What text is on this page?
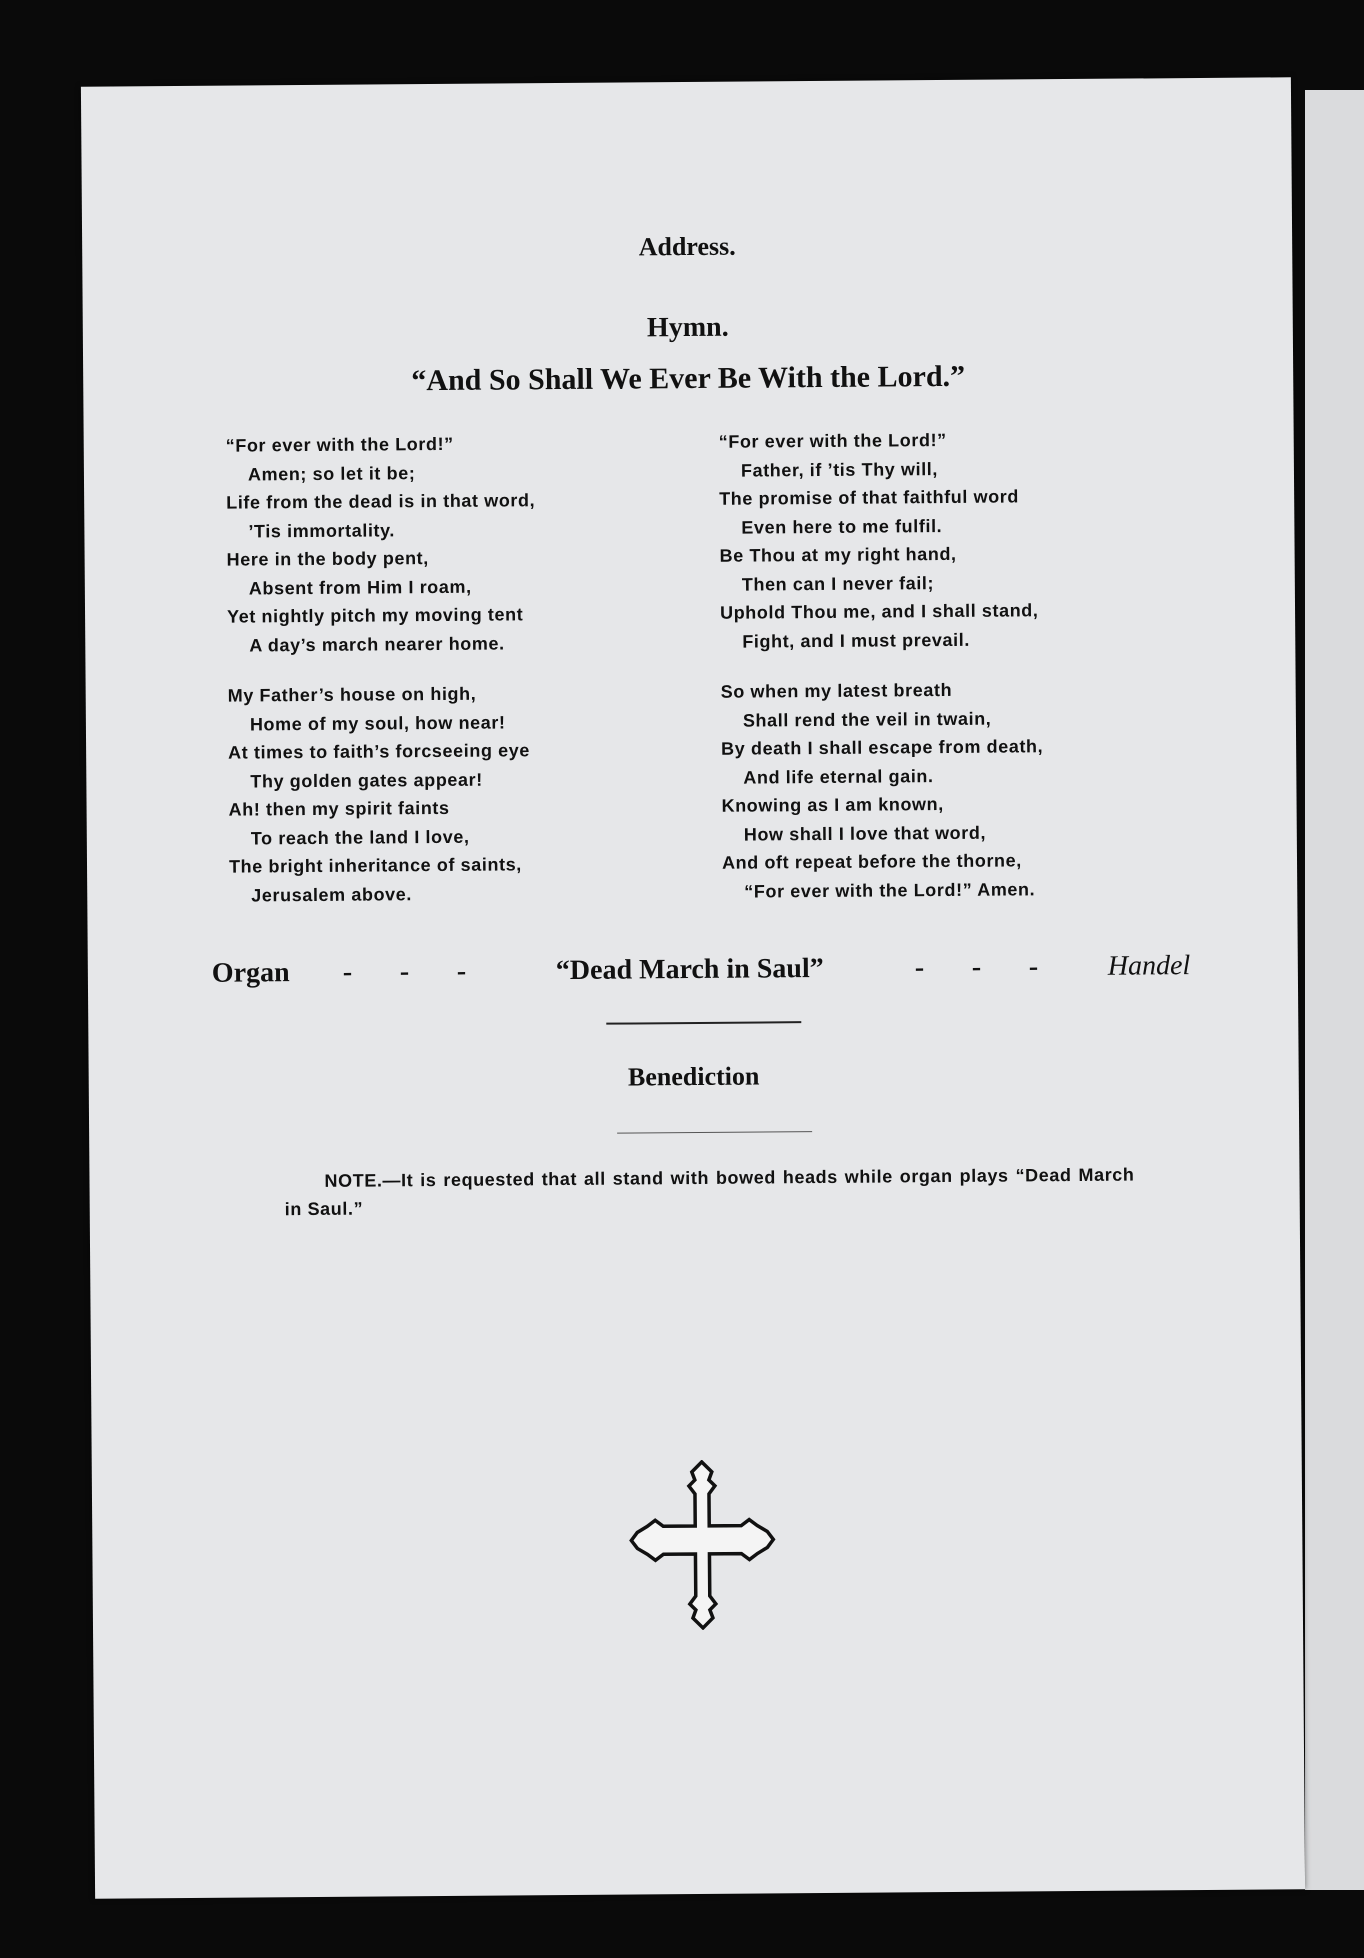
Address.
Hymn.
“And So Shall We Ever Be With the Lord.”
“For ever with the Lord!”
Amen; so let it be;
Life from the dead is in that word,
’Tis immortality.
Here in the body pent,
Absent from Him I roam,
Yet nightly pitch my moving tent
A day’s march nearer home.
“For ever with the Lord!”
Father, if ’tis Thy will,
The promise of that faithful word
Even here to me fulfil.
Be Thou at my right hand,
Then can I never fail;
Uphold Thou me, and I shall stand,
Fight, and I must prevail.
My Father’s house on high,
Home of my soul, how near!
At times to faith’s forcseeing eye
Thy golden gates appear!
Ah! then my spirit faints
To reach the land I love,
The bright inheritance of saints,
Jerusalem above.
So when my latest breath
Shall rend the veil in twain,
By death I shall escape from death,
And life eternal gain.
Knowing as I am known,
How shall I love that word,
And oft repeat before the thorne,
“For ever with the Lord!” Amen.
Organ - - -	“Dead March in Saul”	- - -	Handel
Benediction
NOTE.—It is requested that all stand with bowed heads while organ plays “Dead March in Saul.”
